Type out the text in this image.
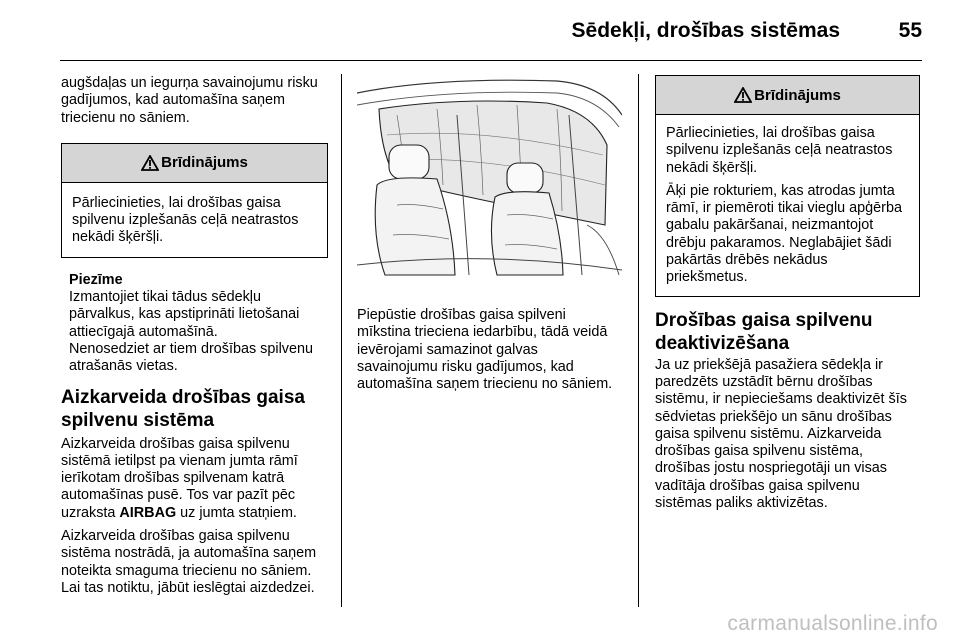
Sēdekļi, drošības sistēmas	55

augšdaļas un iegurņa savainojumu risku gadījumos, kad automašīna saņem triecienu no sāniem.

Brīdinājums

Pārliecinieties, lai drošības gaisa spilvenu izplešanās ceļā neatrastos nekādi šķēršļi.

Piezīme

Izmantojiet tikai tādus sēdekļu pārvalkus, kas apstiprināti lietošanai attiecīgajā automašīnā.

Nenosedziet ar tiem drošības spilvenu atrašanās vietas.

Aizkarveida drošības gaisa spilvenu sistēma

Aizkarveida drošības gaisa spilvenu sistēmā ietilpst pa vienam jumta rāmī ierīkotam drošības spilvenam katrā automašīnas pusē. Tos var pazīt pēc uzraksta AIRBAG uz jumta statņiem.

Aizkarveida drošības gaisa spilvenu sistēma nostrādā, ja automašīna saņem noteikta smaguma triecienu no sāniem. Lai tas notiktu, jābūt ieslēgtai aizdedzei.

Piepūstie drošības gaisa spilveni mīkstina trieciena iedarbību, tādā veidā ievērojami samazinot galvas savainojumu risku gadījumos, kad automašīna saņem triecienu no sāniem.

Brīdinājums

Pārliecinieties, lai drošības gaisa spilvenu izplešanās ceļā neatrastos nekādi šķēršļi.

Āķi pie rokturiem, kas atrodas jumta rāmī, ir piemēroti tikai vieglu apģērba gabalu pakāršanai, neizmantojot drēbju pakaramos. Neglabājiet šādi pakārtās drēbēs nekādus priekšmetus.

Drošības gaisa spilvenu deaktivizēšana

Ja uz priekšējā pasažiera sēdekļa ir paredzēts uzstādīt bērnu drošības sistēmu, ir nepieciešams deaktivizēt šīs sēdvietas priekšējo un sānu drošības gaisa spilvenu sistēmu. Aizkarveida drošības gaisa spilvenu sistēma, drošības jostu nospriegotāji un visas vadītāja drošības gaisa spilvenu sistēmas paliks aktivizētas.

carmanualsonline.info
